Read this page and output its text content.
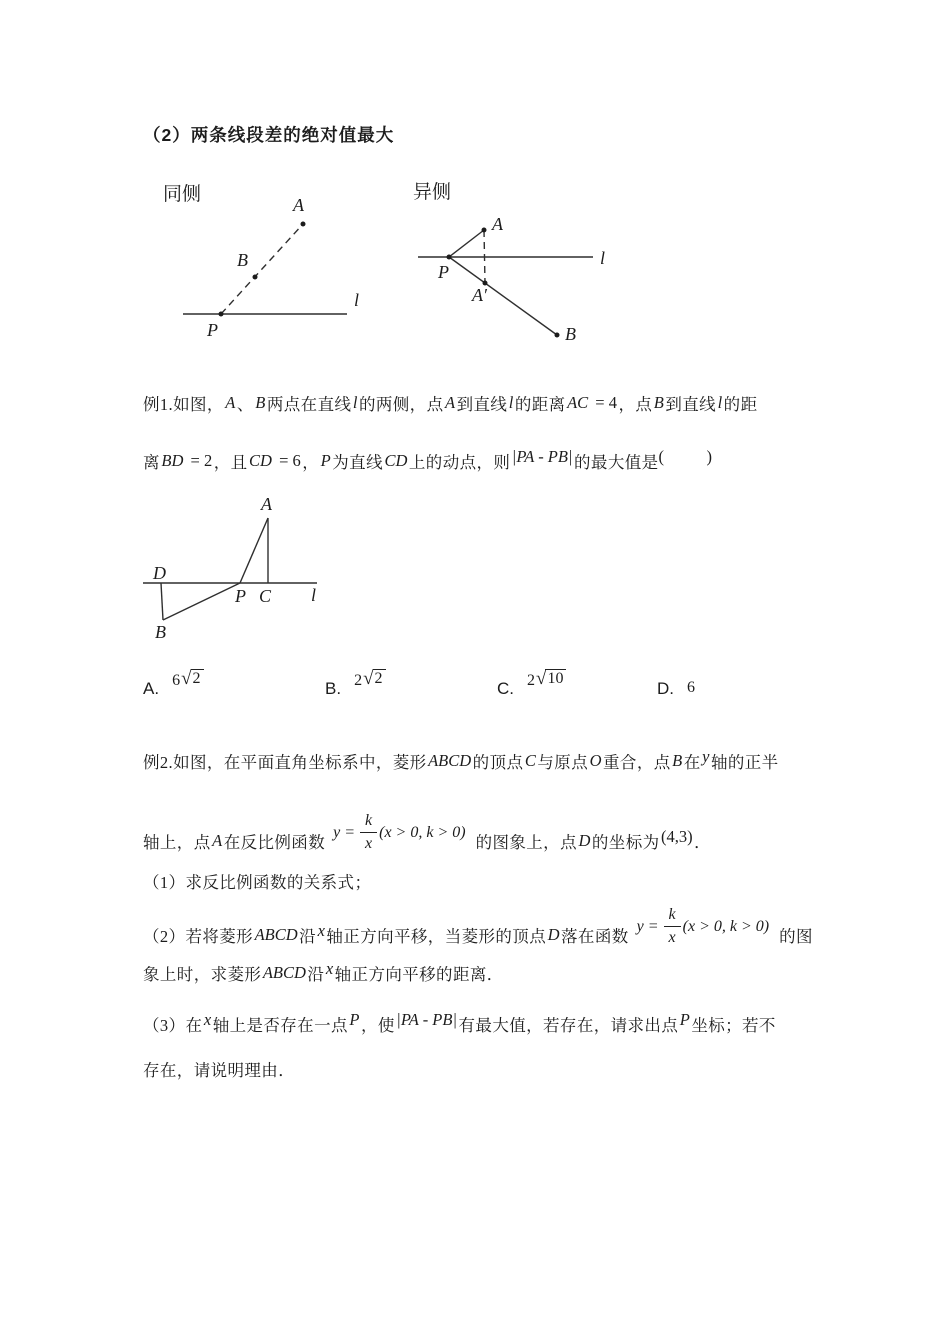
（2）两条线段差的绝对值最大
同侧	A
B
P
l
异侧
A
P
A′
B
l
例1.如图，A、B两点在直线l的两侧，点A到直线l的距离AC = 4，点B到直线l的距
离BD = 2，且CD = 6，P为直线CD上的动点，则|PA - PB|的最大值是(   	)
A
D
P C l
B
A. 6 √ 2
B. 2 √ 2
C. 2 √ 10
D. 6
例2.如图，在平面直角坐标系中，菱形ABCD的顶点C与原点O重合，点B在y轴的正半
轴上，点A在反比例函数
$y = \frac{k}{x} (x > 0$, k > 0)
的图象上，点D的坐标为(4,3)．
（1）求反比例函数的关系式；
（2）若将菱形ABCD沿x轴正方向平移，当菱形的顶点D落在函数
$y = \frac{k}{x} (x > 0$, k > 0)
的图
象上时，求菱形ABCD沿x轴正方向平移的距离．
（3）在x轴上是否存在一点P，使|PA - PB|有最大值，若存在，请求出点P坐标；若不
存在，请说明理由．
